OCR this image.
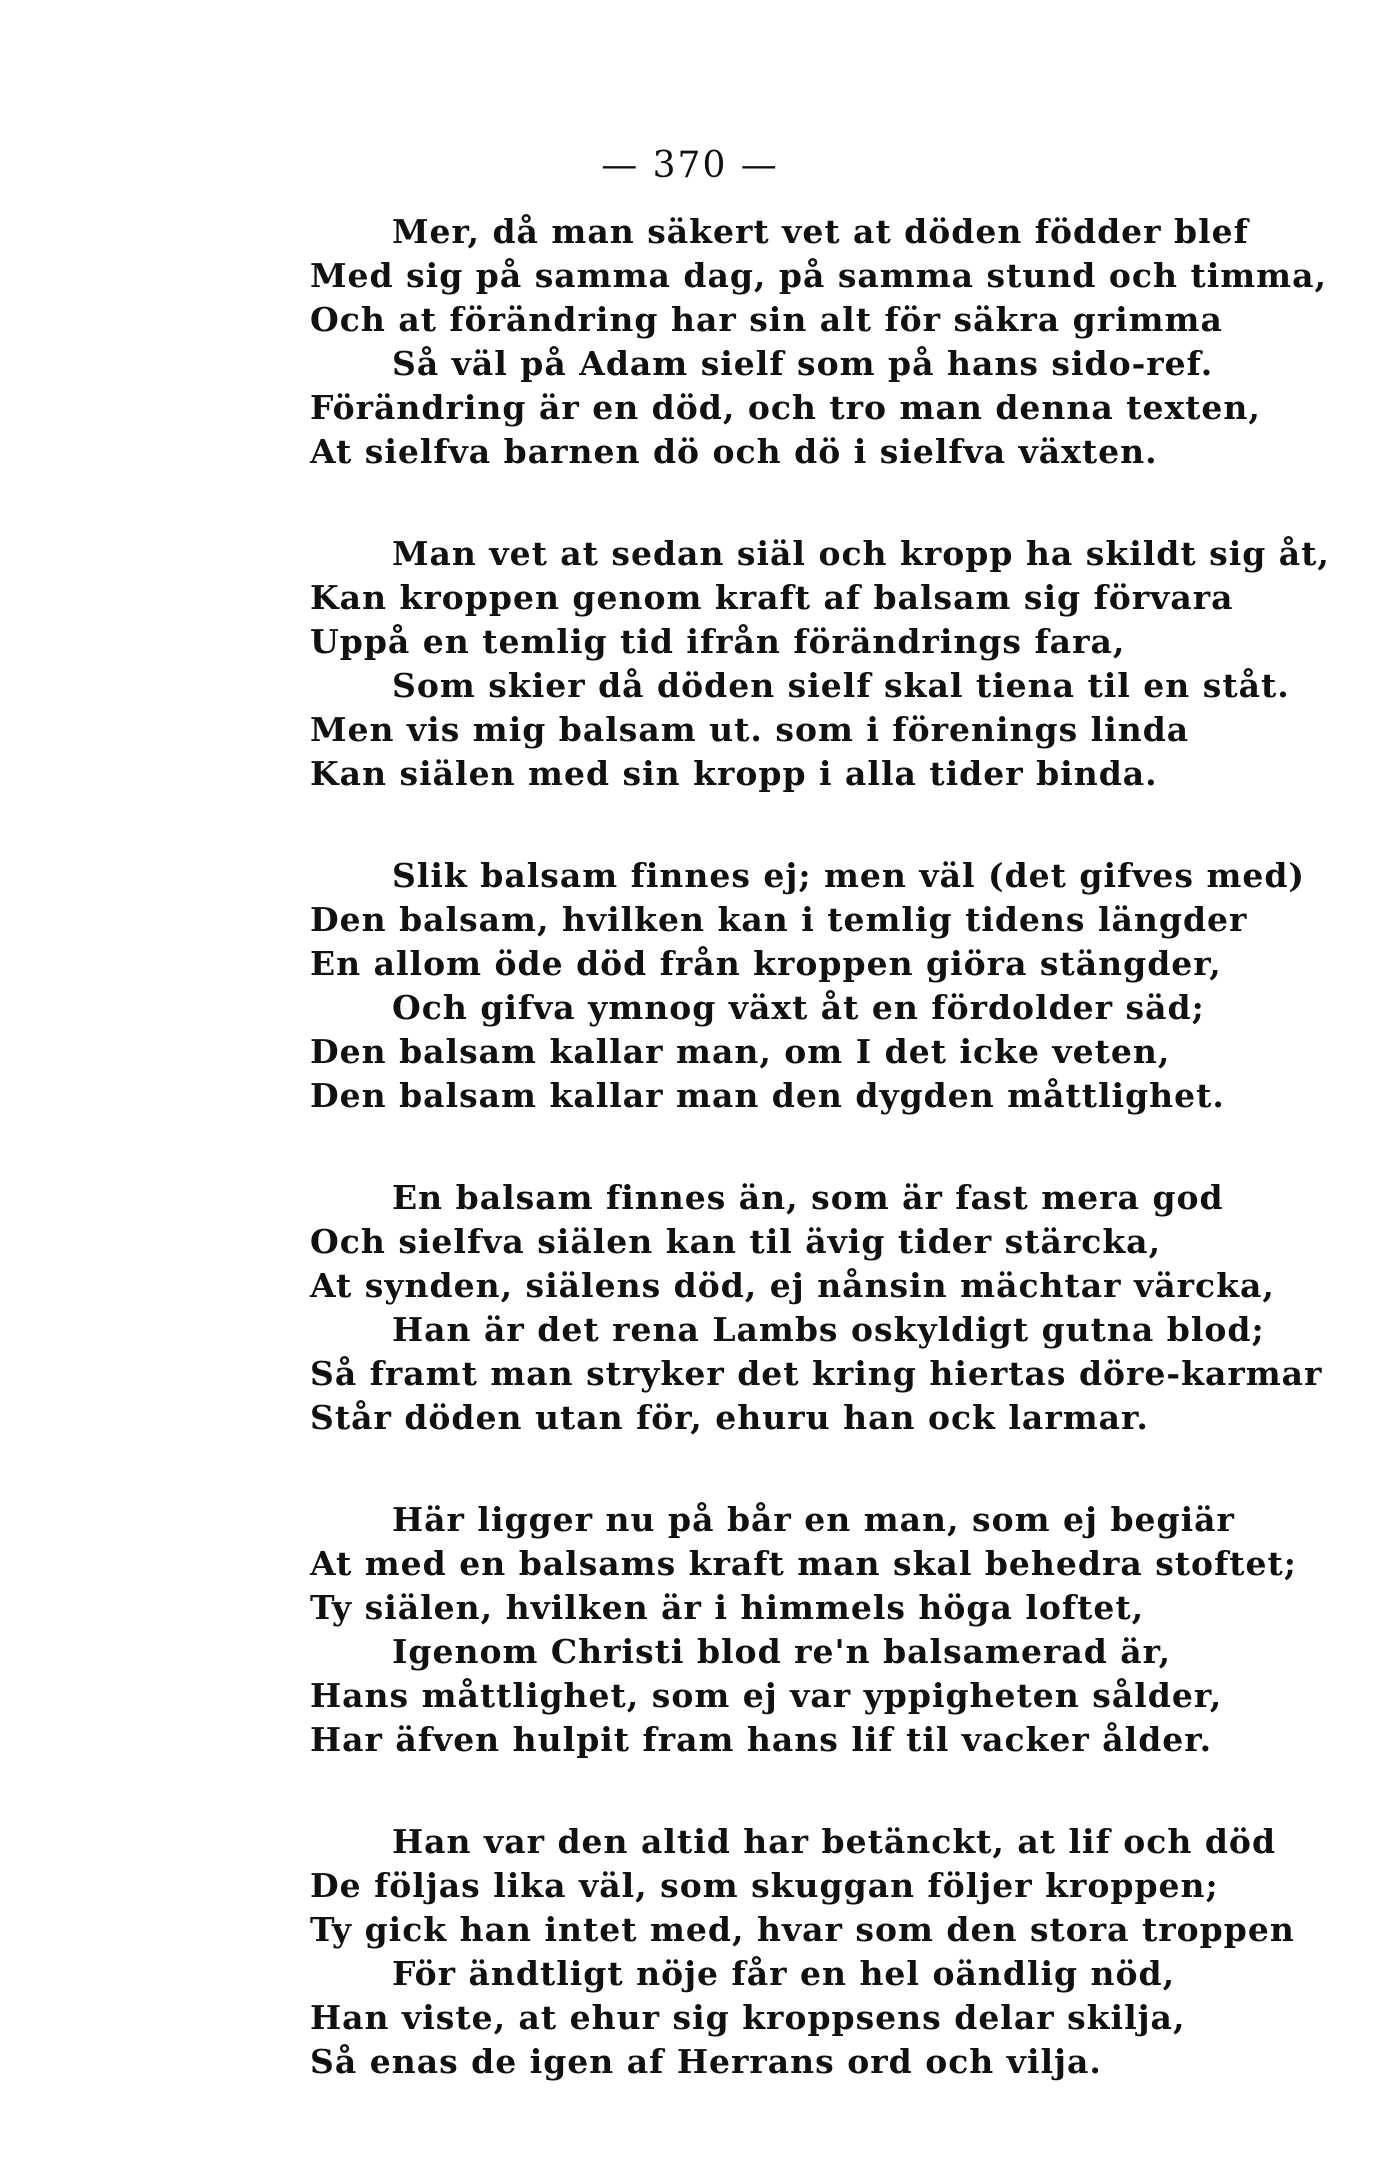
— 370 —
Mer, då man säkert vet at döden födder blef
Med sig på samma dag, på samma stund och timma,
Och at förändring har sin alt för säkra grimma
Så väl på Adam sielf som på hans sido-ref.
Förändring är en död, och tro man denna texten,
At sielfva barnen dö och dö i sielfva växten.
Man vet at sedan siäl och kropp ha skildt sig åt,
Kan kroppen genom kraft af balsam sig förvara
Uppå en temlig tid ifrån förändrings fara,
Som skier då döden sielf skal tiena til en ståt.
Men vis mig balsam ut. som i förenings linda
Kan siälen med sin kropp i alla tider binda.
Slik balsam finnes ej; men väl (det gifves med)
Den balsam, hvilken kan i temlig tidens längder
En allom öde död från kroppen giöra stängder,
Och gifva ymnog växt åt en fördolder säd;
Den balsam kallar man, om I det icke veten,
Den balsam kallar man den dygden måttlighet.
En balsam finnes än, som är fast mera god
Och sielfva siälen kan til ävig tider stärcka,
At synden, siälens död, ej nånsin mächtar värcka,
Han är det rena Lambs oskyldigt gutna blod;
Så framt man stryker det kring hiertas döre-karmar
Står döden utan för, ehuru han ock larmar.
Här ligger nu på bår en man, som ej begiär
At med en balsams kraft man skal behedra stoftet;
Ty siälen, hvilken är i himmels höga loftet,
Igenom Christi blod re'n balsamerad är,
Hans måttlighet, som ej var yppigheten sålder,
Har äfven hulpit fram hans lif til vacker ålder.
Han var den altid har betänckt, at lif och död
De följas lika väl, som skuggan följer kroppen;
Ty gick han intet med, hvar som den stora troppen
För ändtligt nöje får en hel oändlig nöd,
Han viste, at ehur sig kroppsens delar skilja,
Så enas de igen af Herrans ord och vilja.
